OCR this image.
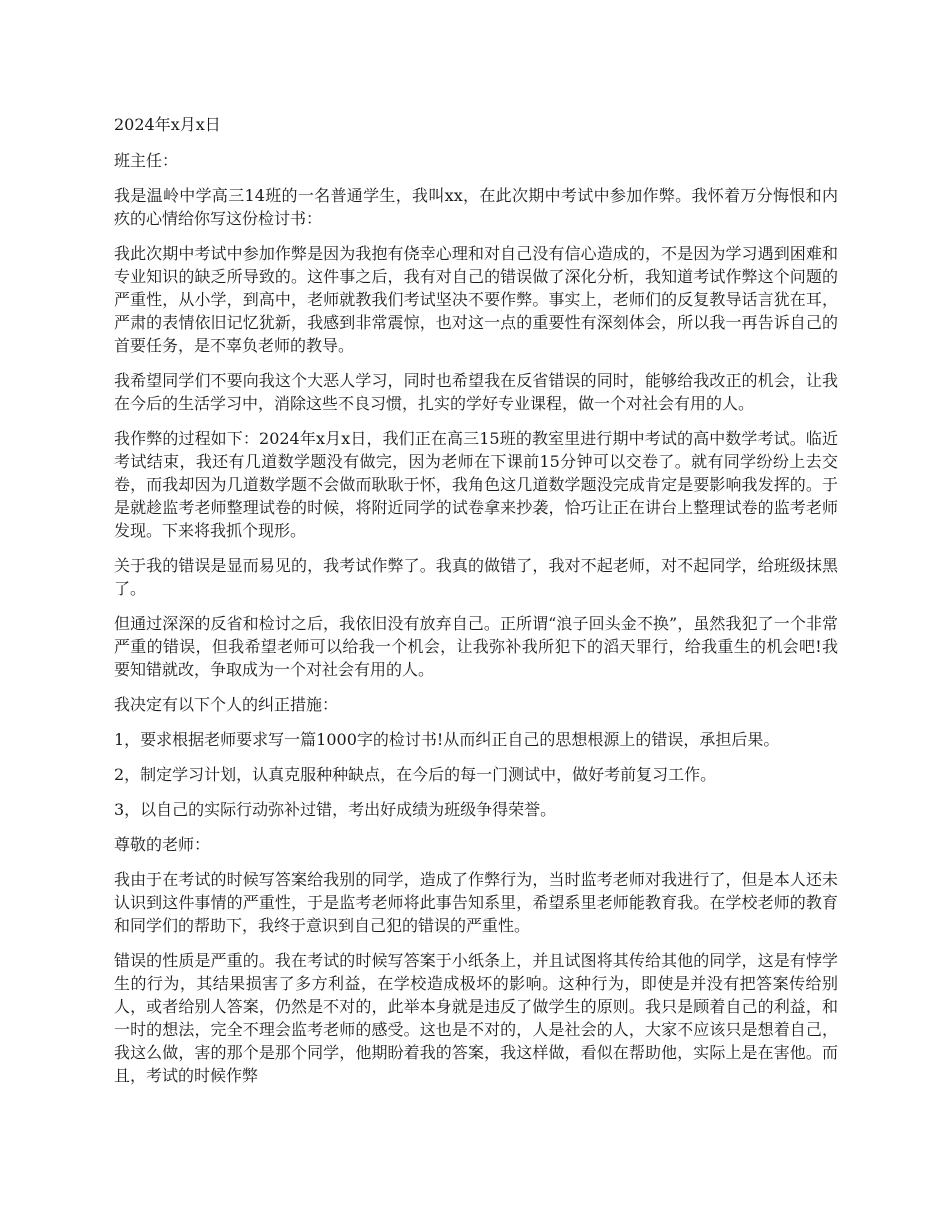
2024年x月x日

班主任：

我是温岭中学高三14班的一名普通学生，我叫xx，在此次期中考试中参加作弊。我怀着万分悔恨和内疚的心情给你写这份检讨书：

我此次期中考试中参加作弊是因为我抱有侥幸心理和对自己没有信心造成的，不是因为学习遇到困难和专业知识的缺乏所导致的。这件事之后，我有对自己的错误做了深化分析，我知道考试作弊这个问题的严重性，从小学，到高中，老师就教我们考试坚决不要作弊。事实上，老师们的反复教导话言犹在耳，严肃的表情依旧记忆犹新，我感到非常震惊，也对这一点的重要性有深刻体会，所以我一再告诉自己的首要任务，是不辜负老师的教导。

我希望同学们不要向我这个大恶人学习，同时也希望我在反省错误的同时，能够给我改正的机会，让我在今后的生活学习中，消除这些不良习惯，扎实的学好专业课程，做一个对社会有用的人。

我作弊的过程如下：2024年x月x日，我们正在高三15班的教室里进行期中考试的高中数学考试。临近考试结束，我还有几道数学题没有做完，因为老师在下课前15分钟可以交卷了。就有同学纷纷上去交卷，而我却因为几道数学题不会做而耿耿于怀，我角色这几道数学题没完成肯定是要影响我发挥的。于是就趁监考老师整理试卷的时候，将附近同学的试卷拿来抄袭，恰巧让正在讲台上整理试卷的监考老师发现。下来将我抓个现形。

关于我的错误是显而易见的，我考试作弊了。我真的做错了，我对不起老师，对不起同学，给班级抹黑了。

但通过深深的反省和检讨之后，我依旧没有放弃自己。正所谓“浪子回头金不换”，虽然我犯了一个非常严重的错误，但我希望老师可以给我一个机会，让我弥补我所犯下的滔天罪行，给我重生的机会吧!我要知错就改，争取成为一个对社会有用的人。

我决定有以下个人的纠正措施：

1，要求根据老师要求写一篇1000字的检讨书!从而纠正自己的思想根源上的错误，承担后果。

2，制定学习计划，认真克服种种缺点，在今后的每一门测试中，做好考前复习工作。

3，以自己的实际行动弥补过错，考出好成绩为班级争得荣誉。

尊敬的老师：

我由于在考试的时候写答案给我别的同学，造成了作弊行为，当时监考老师对我进行了，但是本人还未认识到这件事情的严重性，于是监考老师将此事告知系里，希望系里老师能教育我。在学校老师的教育和同学们的帮助下，我终于意识到自己犯的错误的严重性。

错误的性质是严重的。我在考试的时候写答案于小纸条上，并且试图将其传给其他的同学，这是有悖学生的行为，其结果损害了多方利益，在学校造成极坏的影响。这种行为，即使是并没有把答案传给别人，或者给别人答案，仍然是不对的，此举本身就是违反了做学生的原则。我只是顾着自己的利益，和一时的想法，完全不理会监考老师的感受。这也是不对的，人是社会的人，大家不应该只是想着自己，我这么做，害的那个是那个同学，他期盼着我的答案，我这样做，看似在帮助他，实际上是在害他。而且，考试的时候作弊
